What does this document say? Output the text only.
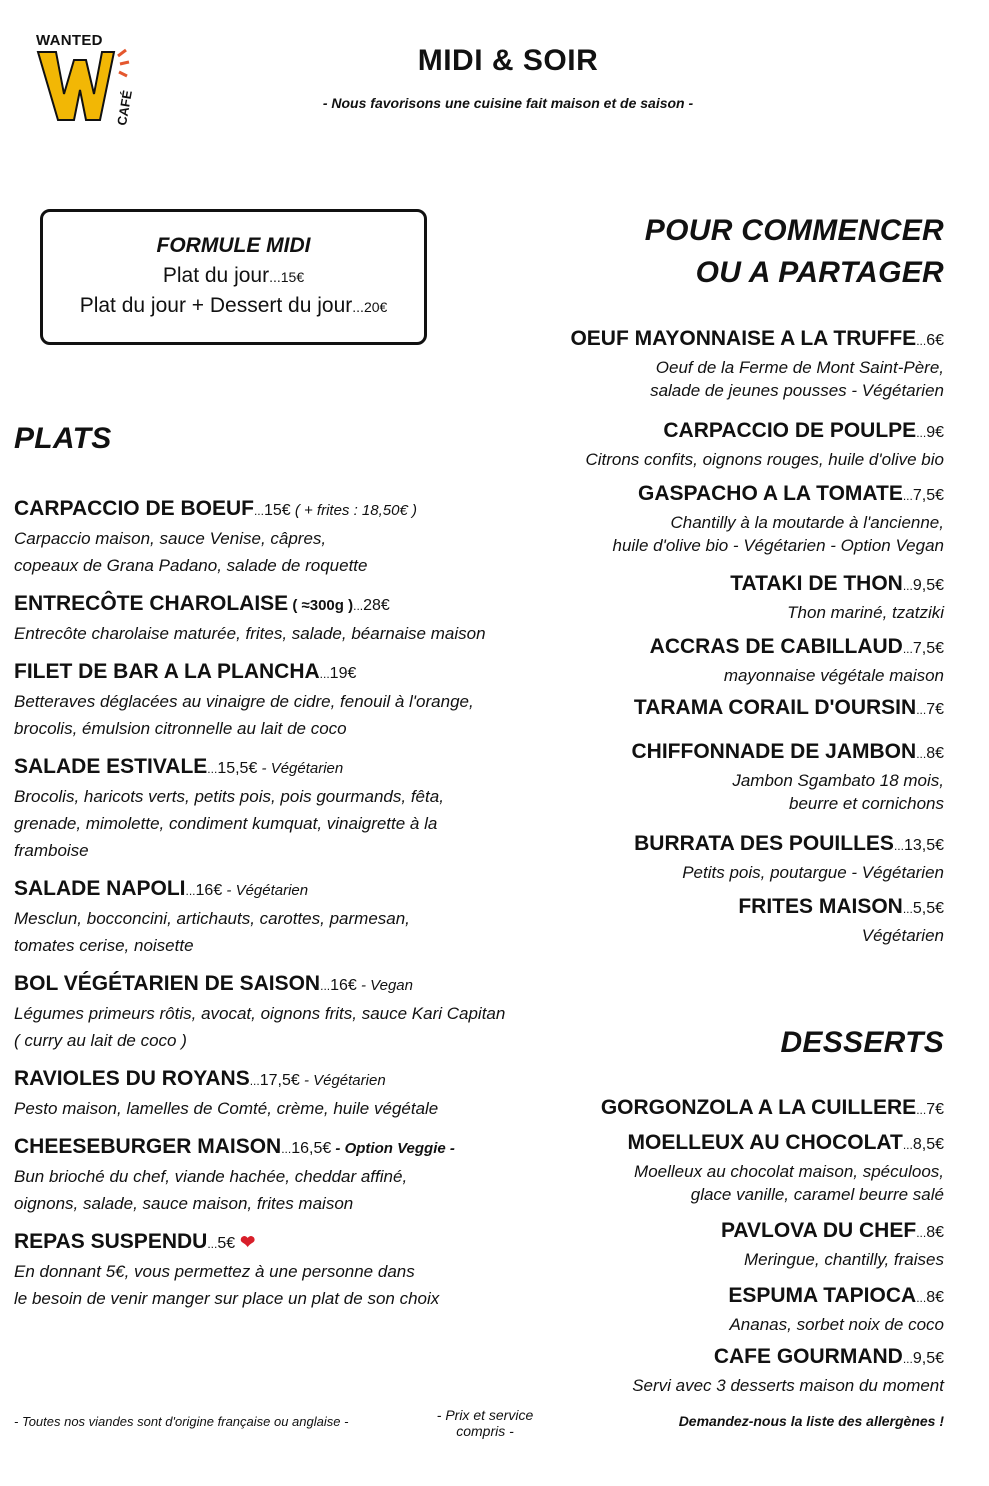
WANTED
CAFÉ
MIDI & SOIR
- Nous favorisons une cuisine fait maison et de saison -
FORMULE MIDI
Plat du jour...15€
Plat du jour + Dessert du jour...20€
PLATS
POUR COMMENCER
OU A PARTAGER
DESSERTS
CARPACCIO DE BOEUF...15€ ( + frites : 18,50€ )
Carpaccio maison, sauce Venise, câpres,
copeaux de Grana Padano, salade de roquette
ENTRECÔTE CHAROLAISE ( ≈300g )...28€
Entrecôte charolaise maturée, frites, salade, béarnaise maison
FILET DE BAR A LA PLANCHA...19€
Betteraves déglacées au vinaigre de cidre, fenouil à l'orange,
brocolis, émulsion citronnelle au lait de coco
SALADE ESTIVALE...15,5€ - Végétarien
Brocolis, haricots verts, petits pois, pois gourmands, fêta,
grenade, mimolette, condiment kumquat, vinaigrette à la
framboise
SALADE NAPOLI...16€ - Végétarien
Mesclun, bocconcini, artichauts, carottes, parmesan,
tomates cerise, noisette
BOL VÉGÉTARIEN DE SAISON...16€ - Vegan
Légumes primeurs rôtis, avocat, oignons frits, sauce Kari Capitan
( curry au lait de coco )
RAVIOLES DU ROYANS...17,5€ - Végétarien
Pesto maison, lamelles de Comté, crème, huile végétale
CHEESEBURGER MAISON...16,5€ - Option Veggie -
Bun brioché du chef, viande hachée, cheddar affiné,
oignons, salade, sauce maison, frites maison
REPAS SUSPENDU...5€ ❤
En donnant 5€, vous permettez à une personne dans
le besoin de venir manger sur place un plat de son choix
OEUF MAYONNAISE A LA TRUFFE...6€
Oeuf de la Ferme de Mont Saint-Père,
salade de jeunes pousses - Végétarien
CARPACCIO DE POULPE...9€
Citrons confits, oignons rouges, huile d'olive bio
GASPACHO A LA TOMATE...7,5€
Chantilly à la moutarde à l'ancienne,
huile d'olive bio - Végétarien - Option Vegan
TATAKI DE THON...9,5€
Thon mariné, tzatziki
ACCRAS DE CABILLAUD...7,5€
mayonnaise végétale maison
TARAMA CORAIL D'OURSIN...7€
CHIFFONNADE DE JAMBON...8€
Jambon Sgambato 18 mois,
beurre et cornichons
BURRATA DES POUILLES...13,5€
Petits pois, poutargue - Végétarien
FRITES MAISON...5,5€
Végétarien
GORGONZOLA A LA CUILLERE...7€
MOELLEUX AU CHOCOLAT...8,5€
Moelleux au chocolat maison, spéculoos,
glace vanille, caramel beurre salé
PAVLOVA DU CHEF...8€
Meringue, chantilly, fraises
ESPUMA TAPIOCA...8€
Ananas, sorbet noix de coco
CAFE GOURMAND...9,5€
Servi avec 3 desserts maison du moment
- Toutes nos viandes sont d'origine française ou anglaise -	- Prix et service
compris -
Demandez-nous la liste des allergènes !
